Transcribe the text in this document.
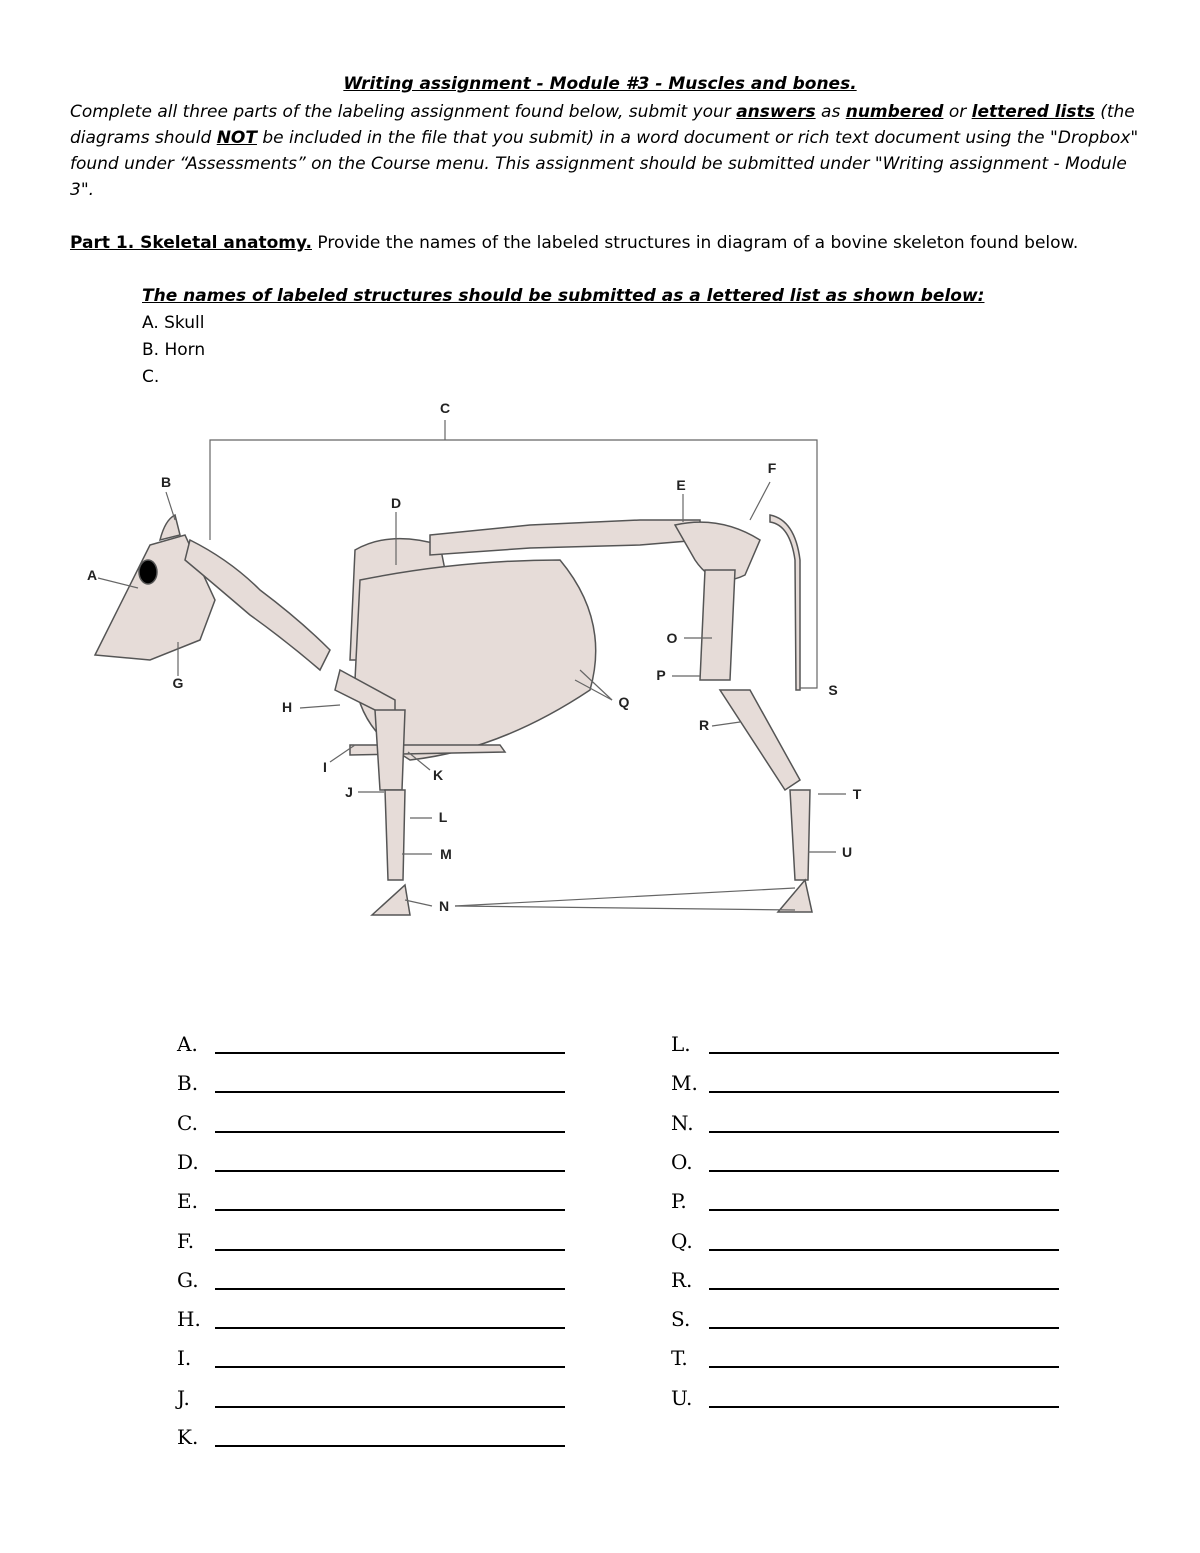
Writing assignment - Module #3 - Muscles and bones.
Complete all three parts of the labeling assignment found below, submit your answers as numbered or lettered lists (the diagrams should NOT be included in the file that you submit) in a word document or rich text document using the "Dropbox" found under “Assessments” on the Course menu. This assignment should be submitted under "Writing assignment - Module 3".
Part 1. Skeletal anatomy. Provide the names of the labeled structures in diagram of a bovine skeleton found below.
The names of labeled structures should be submitted as a lettered list as shown below:
A. Skull
B. Horn
C.
A
B
C
D
E
F
G
H
I
J
K
L
M
N
O
P
Q
R
S
T
U
A.
B.
C.
D.
E.
F.
G.
H.
I.
J.
K.
L.
M.
N.
O.
P.
Q.
R.
S.
T.
U.
